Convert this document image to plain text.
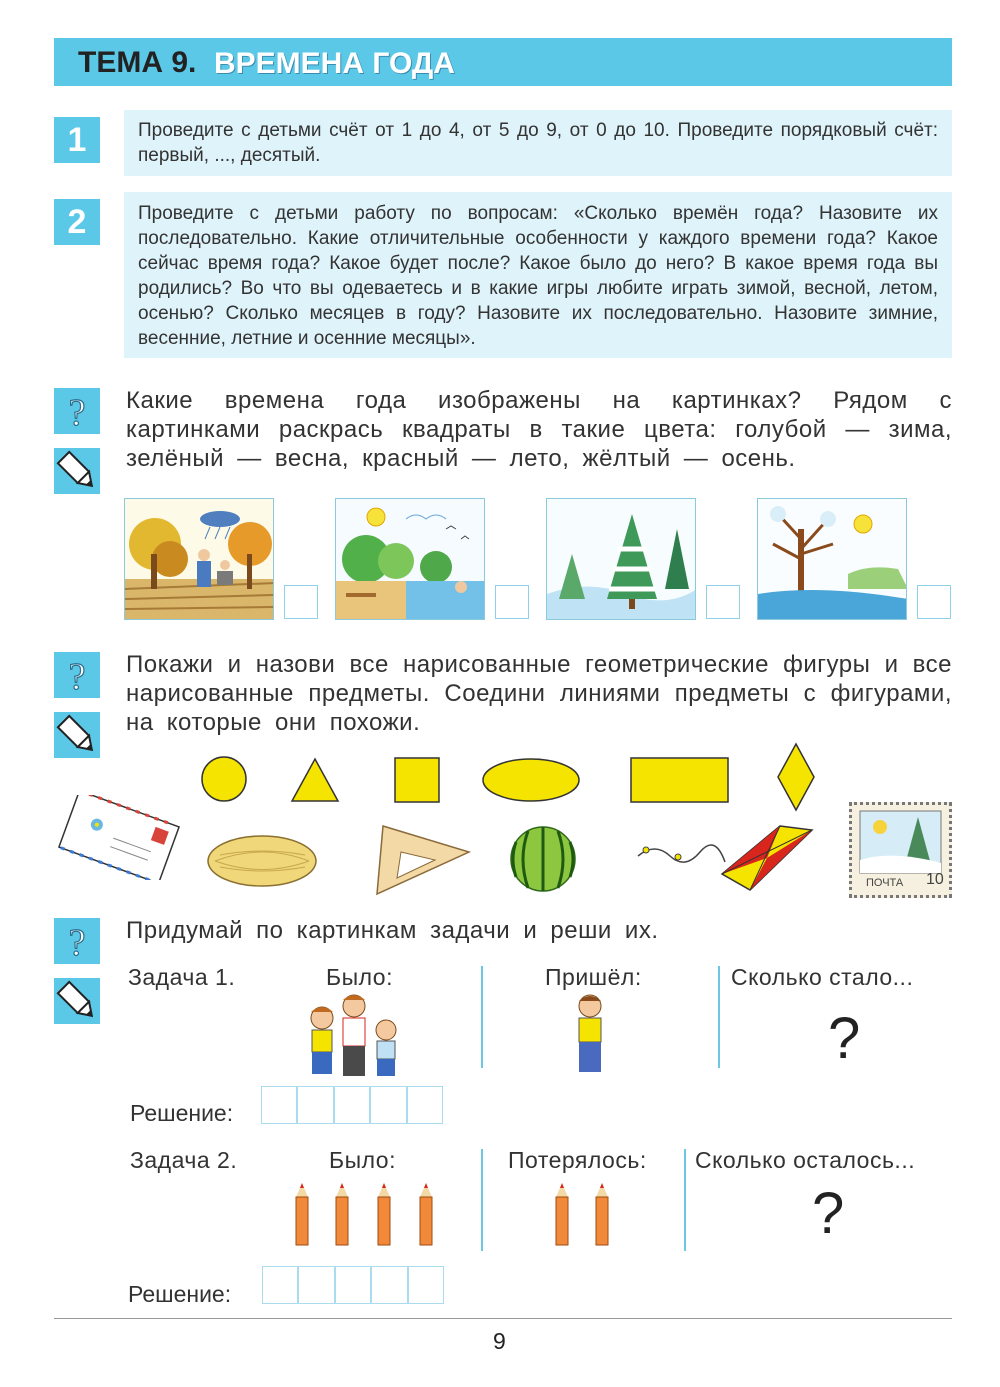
ТЕМА 9. ВРЕМЕНА ГОДА
1	Проведите с детьми счёт от 1 до 4, от 5 до 9, от 0 до 10. Проведите порядковый счёт: первый, ..., десятый.
2	Проведите с детьми работу по вопросам: «Сколько времён года? Назовите их последовательно. Какие отличительные особенности у каждого времени года? Какое сейчас время года? Какое будет после? Какое было до него? В какое время года вы родились? Во что вы одеваетесь и в какие игры любите играть зимой, весной, летом, осенью? Сколько месяцев в году? Назовите их последовательно. Назовите зимние, весенние, летние и осенние месяцы».
? Какие времена года изображены на картинках? Рядом с картинками раскрась квадраты в такие цвета: голубой — зима, зелёный — весна, красный — лето, жёлтый — осень.
? Покажи и назови все нарисованные геометрические фигуры и все нарисованные предметы. Соедини линиями предметы с фигурами, на которые они похожи.
ПОЧТА 10
? Придумай по картинкам задачи и реши их.
Задача 1.	Было:	Пришёл:	Сколько стало...
?
Решение:
Задача 2.	Было:	Потерялось: Сколько осталось...
?
Решение:
9
